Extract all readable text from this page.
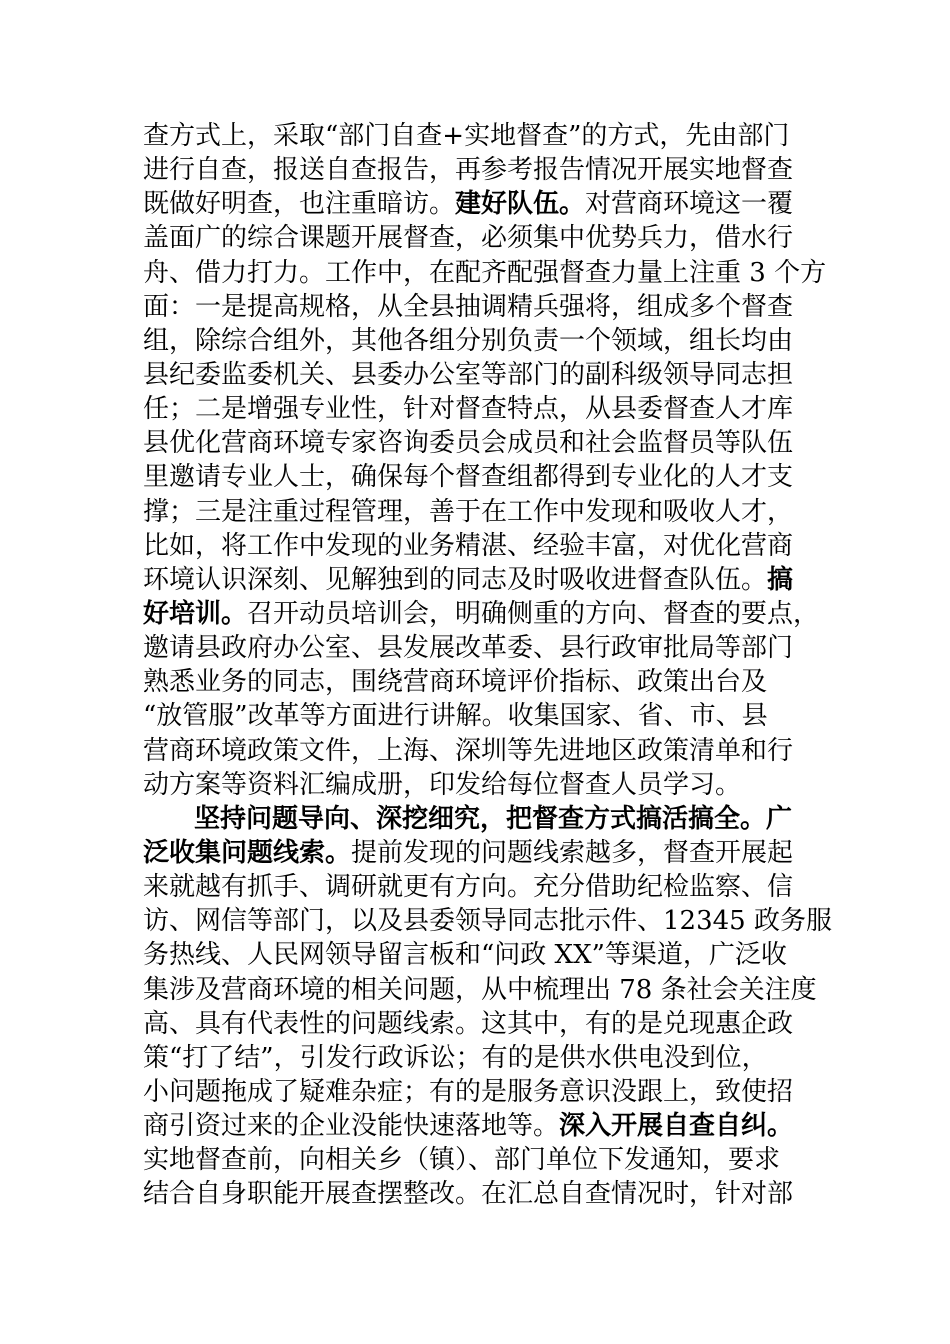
查方式上，采取“部门自查+实地督查”的方式，先由部门
进行自查，报送自查报告，再参考报告情况开展实地督查
既做好明查，也注重暗访。建好队伍。对营商环境这一覆
盖面广的综合课题开展督查，必须集中优势兵力，借水行
舟、借力打力。工作中，在配齐配强督查力量上注重 3 个方
面：一是提高规格，从全县抽调精兵强将，组成多个督查
组，除综合组外，其他各组分别负责一个领域，组长均由
县纪委监委机关、县委办公室等部门的副科级领导同志担
任；二是增强专业性，针对督查特点，从县委督查人才库
县优化营商环境专家咨询委员会成员和社会监督员等队伍
里邀请专业人士，确保每个督查组都得到专业化的人才支
撑；三是注重过程管理，善于在工作中发现和吸收人才，
比如，将工作中发现的业务精湛、经验丰富，对优化营商
环境认识深刻、见解独到的同志及时吸收进督查队伍。搞
好培训。召开动员培训会，明确侧重的方向、督查的要点，
邀请县政府办公室、县发展改革委、县行政审批局等部门
熟悉业务的同志，围绕营商环境评价指标、政策出台及
“放管服”改革等方面进行讲解。收集国家、省、市、县
营商环境政策文件，上海、深圳等先进地区政策清单和行
动方案等资料汇编成册，印发给每位督查人员学习。
坚持问题导向、深挖细究，把督查方式搞活搞全。广
泛收集问题线索。提前发现的问题线索越多，督查开展起
来就越有抓手、调研就更有方向。充分借助纪检监察、信
访、网信等部门，以及县委领导同志批示件、12345 政务服
务热线、人民网领导留言板和“问政 XX”等渠道，广泛收
集涉及营商环境的相关问题，从中梳理出 78 条社会关注度
高、具有代表性的问题线索。这其中，有的是兑现惠企政
策“打了结”，引发行政诉讼；有的是供水供电没到位，
小问题拖成了疑难杂症；有的是服务意识没跟上，致使招
商引资过来的企业没能快速落地等。深入开展自查自纠。
实地督查前，向相关乡（镇）、部门单位下发通知，要求
结合自身职能开展查摆整改。在汇总自查情况时，针对部
